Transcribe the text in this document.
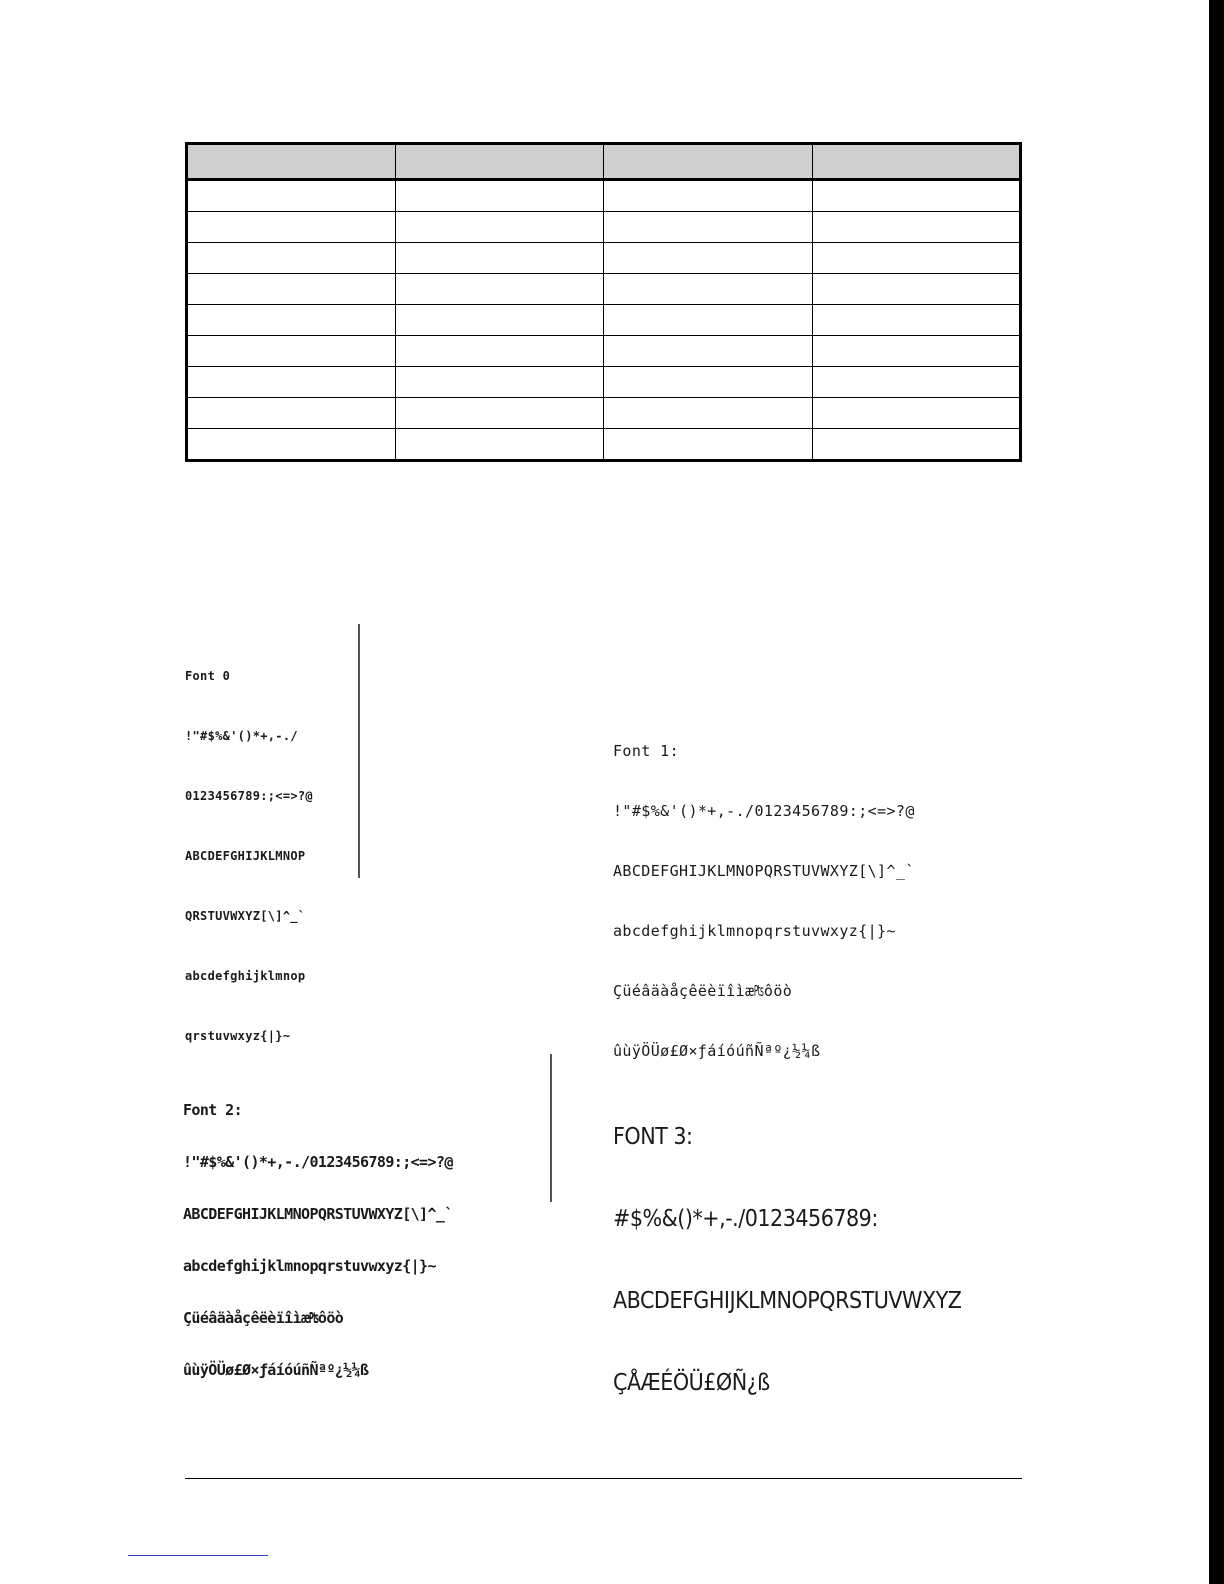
Font 0

!"#$%&'()*+,-./

0123456789:;<=>?@

ABCDEFGHIJKLMNOP

QRSTUVWXYZ[\]^_`

abcdefghijklmnop

qrstuvwxyz{|}~

Font 1:

!"#$%&'()*+,-./0123456789:;<=>?@

ABCDEFGHIJKLMNOPQRSTUVWXYZ[\]^_`

abcdefghijklmnopqrstuvwxyz{|}~

Çüéâäàåçêëèïîìæ₧ôöò

ûùÿÖÜø£Ø×ƒáíóúñÑªº¿½¼ß

Font 2:

!"#$%&'()*+,-./0123456789:;<=>?@

ABCDEFGHIJKLMNOPQRSTUVWXYZ[\]^_`

abcdefghijklmnopqrstuvwxyz{|}~

Çüéâäàåçêëèïîìæ₧ôöò

ûùÿÖÜø£Ø×ƒáíóúñÑªº¿½¼ß

FONT 3:

#$%&()*+,-./0123456789:

ABCDEFGHIJKLMNOPQRSTUVWXYZ

ÇÅÆÉÖÜ£ØÑ¿ß
